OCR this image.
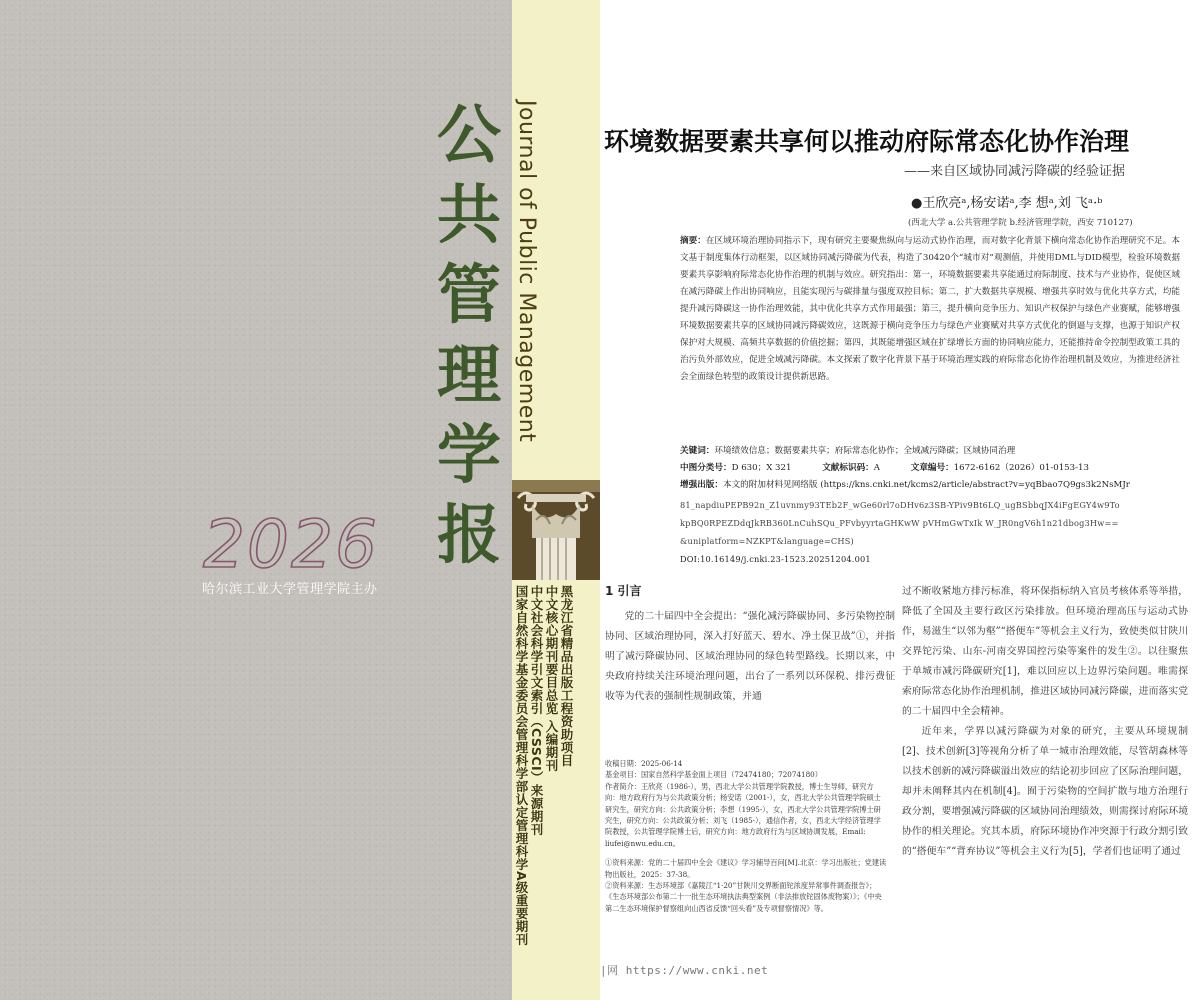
公
共
管
理
学
报
2026
哈尔滨工业大学管理学院主办
Journal of Public Management
黑龙江省精品出版工程资助项目
中文核心期刊要目总览 入编期刊
中文社会科学引文索引（CSSCI）来源期刊
国家自然科学基金委员会管理科学部认定管理科学A级重要期刊
环境数据要素共享何以推动府际常态化协作治理
——来自区域协同减污降碳的经验证据
●王欣亮ᵃ,杨安诺ᵃ,李 想ᵃ,刘 飞ᵃ·ᵇ
(西北大学 a.公共管理学院 b.经济管理学院，西安 710127)
摘要：在区域环境治理协同指示下，现有研究主要聚焦纵向与运动式协作治理，而对数字化背景下横向常态化协作治理研究不足。本文基于制度集体行动框架，以区域协同减污降碳为代表，构造了30420个“城市对”观测值，并使用DML与DID模型，检验环境数据要素共享影响府际常态化协作治理的机制与效应。研究指出：第一，环境数据要素共享能通过府际制度、技术与产业协作，促使区域在减污降碳上作出协同响应，且能实现污与碳排量与强度双控目标；第二，扩大数据共享规模、增强共享时效与优化共享方式，均能提升减污降碳这一协作治理效能，其中优化共享方式作用最强；第三，提升横向竞争压力、知识产权保护与绿色产业赛赋，能够增强环境数据要素共享的区域协同减污降碳效应，这既源于横向竞争压力与绿色产业赛赋对共享方式优化的倒逼与支撑，也源于知识产权保护对大规模、高频共享数据的价值挖掘；第四，其既能增强区域在扩绿增长方面的协同响应能力，还能推持命令控制型政策工具的治污负外部效应，促进全域减污降碳。本文探索了数字化背景下基于环境治理实践的府际常态化协作治理机制及效应，为推进经济社会全面绿色转型的政策设计提供新思路。
关键词：环境绩效信息；数据要素共享；府际常态化协作；全域减污降碳；区域协同治理
中图分类号：D 630；X 321	文献标识码：A	文章编号：1672-6162（2026）01-0153-13
增强出版：本文的附加材料见网络版 (https://kns.cnki.net/kcms2/article/abstract?v=yqBbao7Q9gs3k2NsMJr
81_napdiuPEPB92n_Z1uvnmy93TEb2F_wGe60rl7oDHv6z3SB-YPiv9Bt6LQ_ugBSbbqJX4iFgEGY4w9To
kpBQ0RPEZDdqJkRB360LnCuhSQu_PFvbyyrtaGHKwW pVHmGwTxIk W_JR0ngV6h1n21dbog3Hw==
&uniplatform=NZKPT&language=CHS)
DOI:10.16149/j.cnki.23-1523.20251204.001
1 引言

党的二十届四中全会提出：“强化减污降碳协同、多污染物控制协同、区域治理协同，深入打好蓝天、碧水、净土保卫战”①，并指明了减污降碳协同、区域治理协同的绿色转型路线。长期以来，中央政府持续关注环境治理问题，出台了一系列以环保税、排污费征收等为代表的强制性规制政策，并通

收稿日期：2025-06-14

基金项目：国家自然科学基金面上项目（72474180；72074180）

作者简介：王欣亮（1986-），男，西北大学公共管理学院教授，博士生导师，研究方向：地方政府行为与公共政策分析；杨安诺（2001-），女，西北大学公共管理学院硕士研究生，研究方向：公共政策分析；李想（1995-），女，西北大学公共管理学院博士研究生，研究方向：公共政策分析；刘飞（1985-），通信作者，女，西北大学经济管理学院教授，公共管理学院博士后，研究方向：地方政府行为与区域协调发展，Email: liufei@nwu.edu.cn。

①资料来源：党的二十届四中全会《建议》学习辅导百问[M].北京：学习出版社；党建读物出版社，2025：37-38。

②资料来源：生态环境部《嘉陵江“1·20”甘陕川交界断面铊浓度异常事件调查报告》；《生态环境部公布第二十一批生态环境执法典型案例（非法排放铊固体废物案）》；《中央第二生态环境保护督察组向山西省反馈“回头看”及专项督察情况》等。

过不断收紧地方排污标准，将环保指标纳入官员考核体系等举措，降低了全国及主要行政区污染排放。但环境治理高压与运动式协作，易滋生“以邻为壑”“搭便车”等机会主义行为，致使类似甘陕川交界铊污染、山东-河南交界国控污染等案件的发生②。以往聚焦于单城市减污降碳研究[1]，难以回应以上边界污染问题。唯需探索府际常态化协作治理机制，推进区域协同减污降碳，进而落实党的二十届四中全会精神。

近年来，学界以减污降碳为对象的研究，主要从环境规制[2]、技术创新[3]等视角分析了单一城市治理效能，尽管胡森林等以技术创新的减污降碳溢出效应的结论初步回应了区际治理问题，却并未阐释其内在机制[4]。囿于污染物的空间扩散与地方治理行政分割，要增强减污降碳的区域协同治理绩效，则需探讨府际环境协作的相关理论。究其本质，府际环境协作冲突源于行政分割引致的“搭便车”“背弃协议”等机会主义行为[5]，学者们也证明了通过

|网 https://www.cnki.net
